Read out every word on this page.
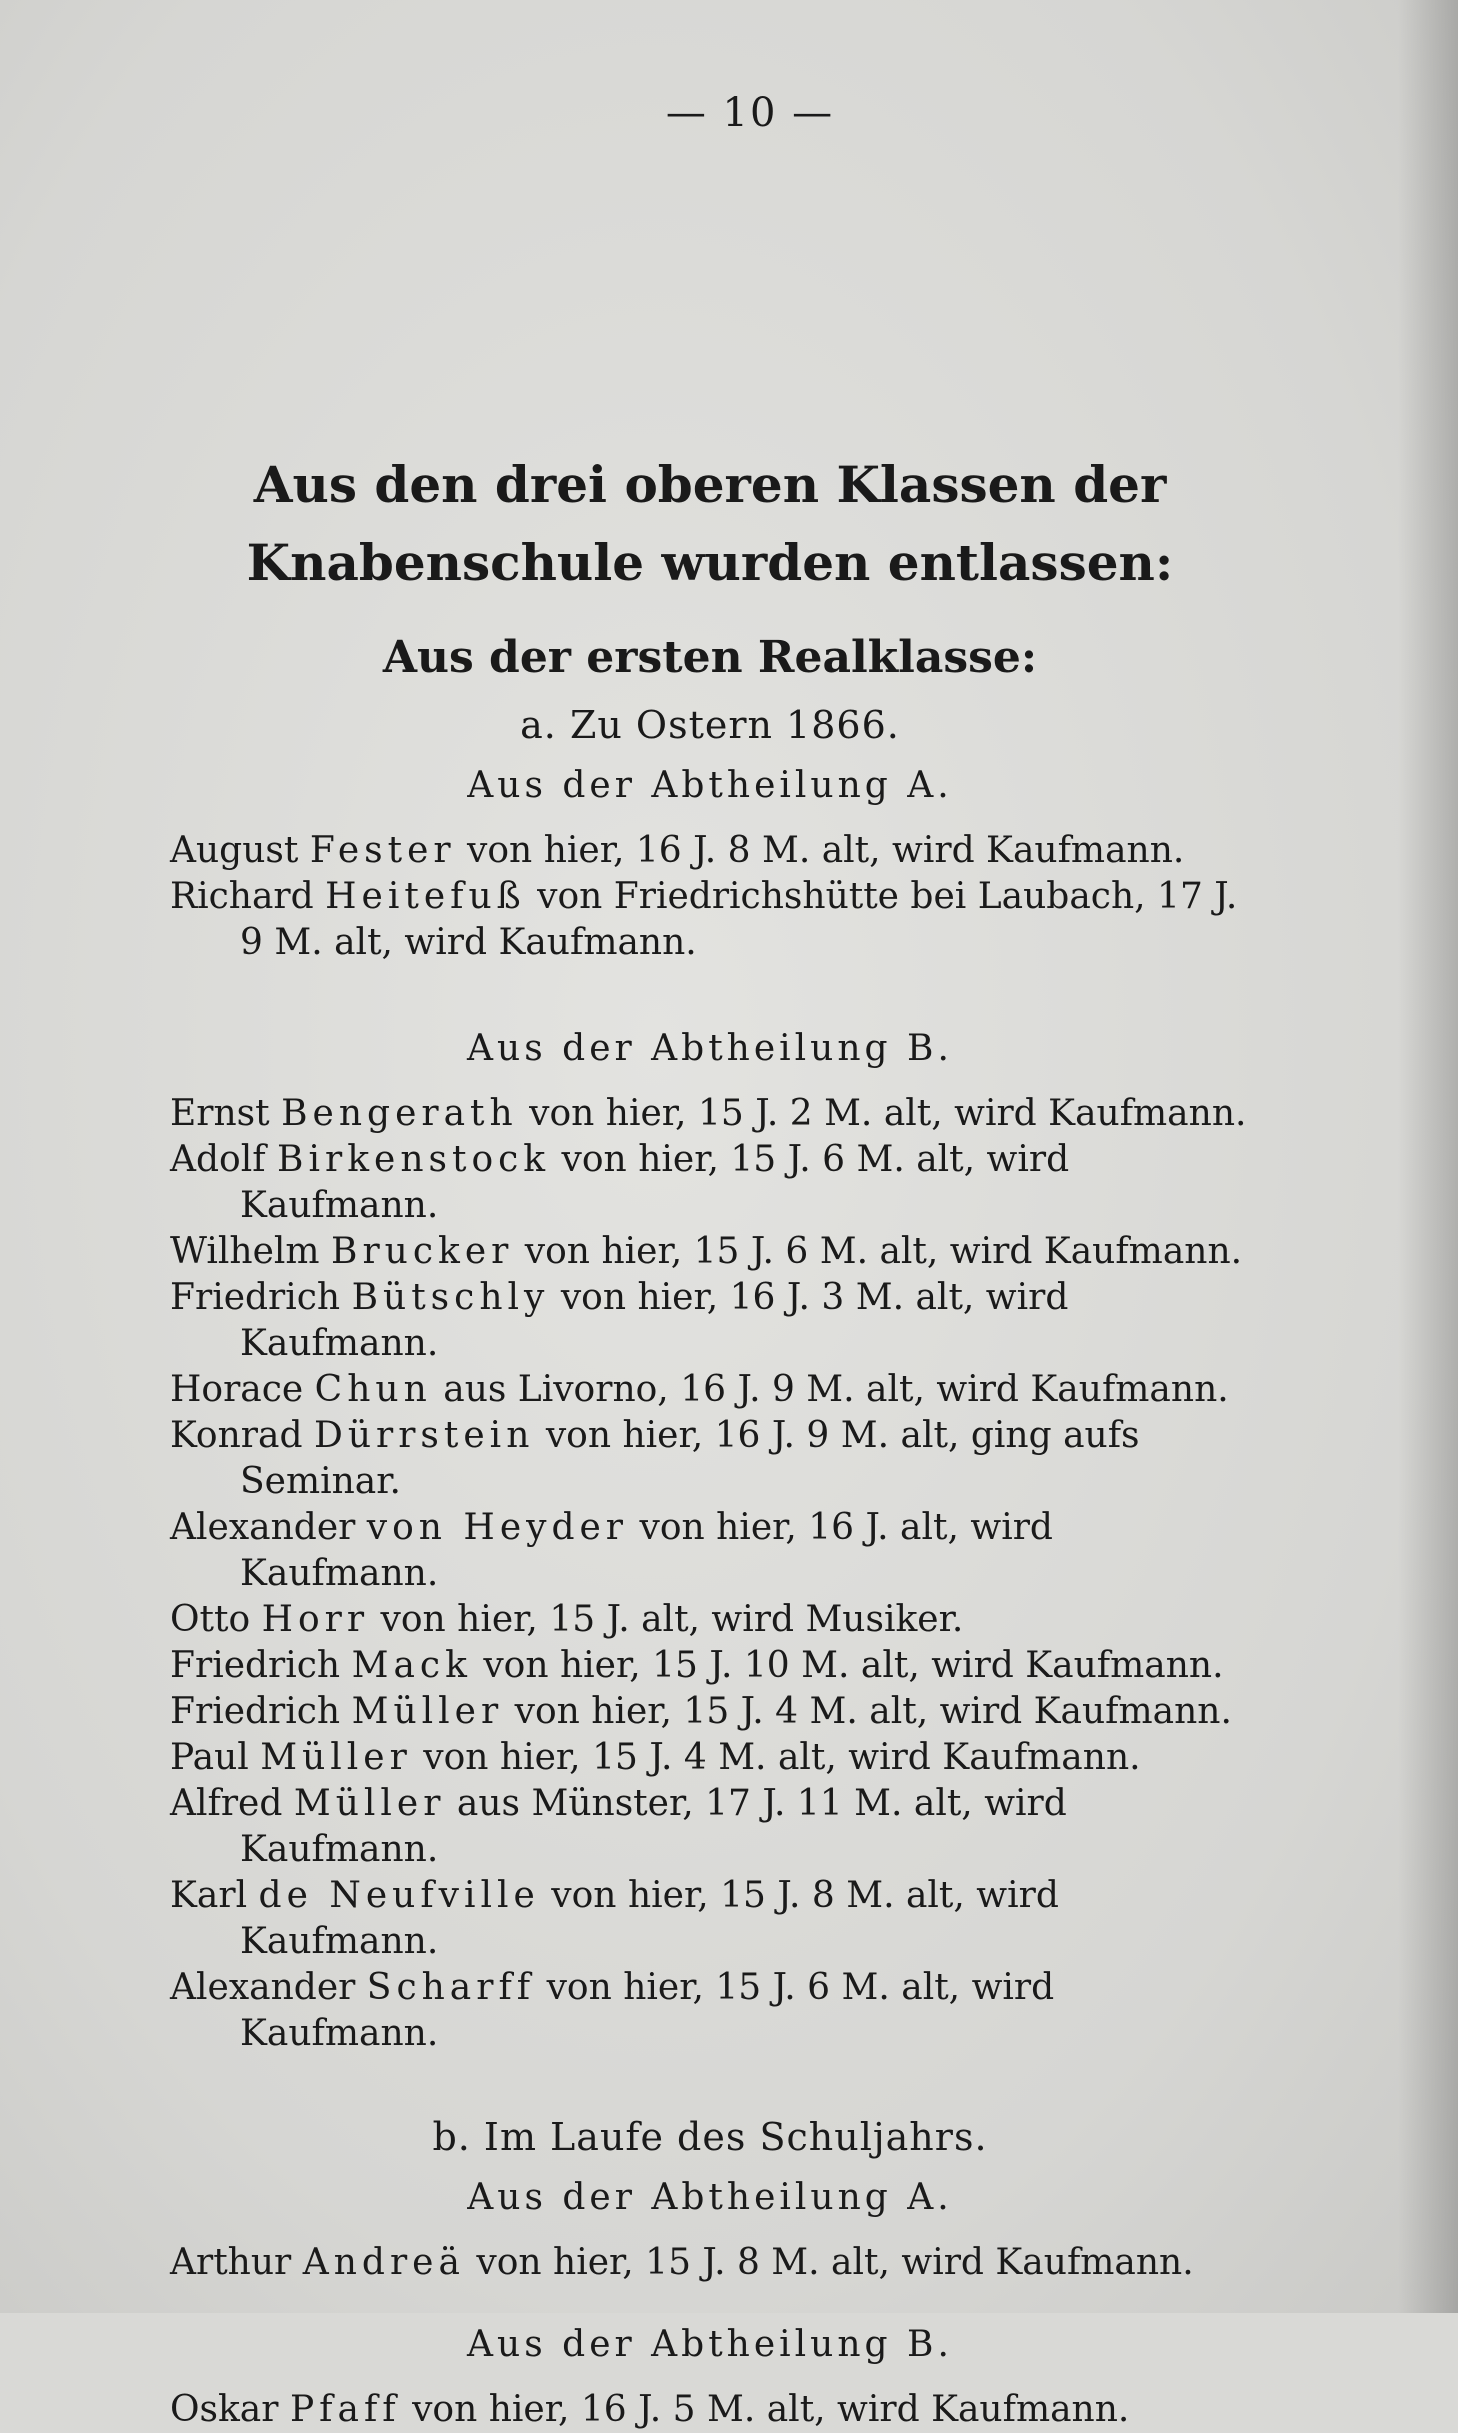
— 10 —

Aus den drei oberen Klassen der Knabenschule wurden entlassen:
Aus der ersten Realklasse:
a. Zu Ostern 1866.
Aus der Abtheilung A.

August Fester von hier, 16 J. 8 M. alt, wird Kaufmann.

Richard Heitefuß von Friedrichshütte bei Laubach, 17 J. 9 M. alt, wird Kaufmann.

Aus der Abtheilung B.

Ernst Bengerath von hier, 15 J. 2 M. alt, wird Kaufmann.

Adolf Birkenstock von hier, 15 J. 6 M. alt, wird Kaufmann.

Wilhelm Brucker von hier, 15 J. 6 M. alt, wird Kaufmann.

Friedrich Bütschly von hier, 16 J. 3 M. alt, wird Kaufmann.

Horace Chun aus Livorno, 16 J. 9 M. alt, wird Kaufmann.

Konrad Dürrstein von hier, 16 J. 9 M. alt, ging aufs Seminar.

Alexander von Heyder von hier, 16 J. alt, wird Kaufmann.

Otto Horr von hier, 15 J. alt, wird Musiker.

Friedrich Mack von hier, 15 J. 10 M. alt, wird Kaufmann.

Friedrich Müller von hier, 15 J. 4 M. alt, wird Kaufmann.

Paul Müller von hier, 15 J. 4 M. alt, wird Kaufmann.

Alfred Müller aus Münster, 17 J. 11 M. alt, wird Kaufmann.

Karl de Neufville von hier, 15 J. 8 M. alt, wird Kaufmann.

Alexander Scharff von hier, 15 J. 6 M. alt, wird Kaufmann.

b. Im Laufe des Schuljahrs.
Aus der Abtheilung A.

Arthur Andreä von hier, 15 J. 8 M. alt, wird Kaufmann.

Aus der Abtheilung B.

Oskar Pfaff von hier, 16 J. 5 M. alt, wird Kaufmann.
